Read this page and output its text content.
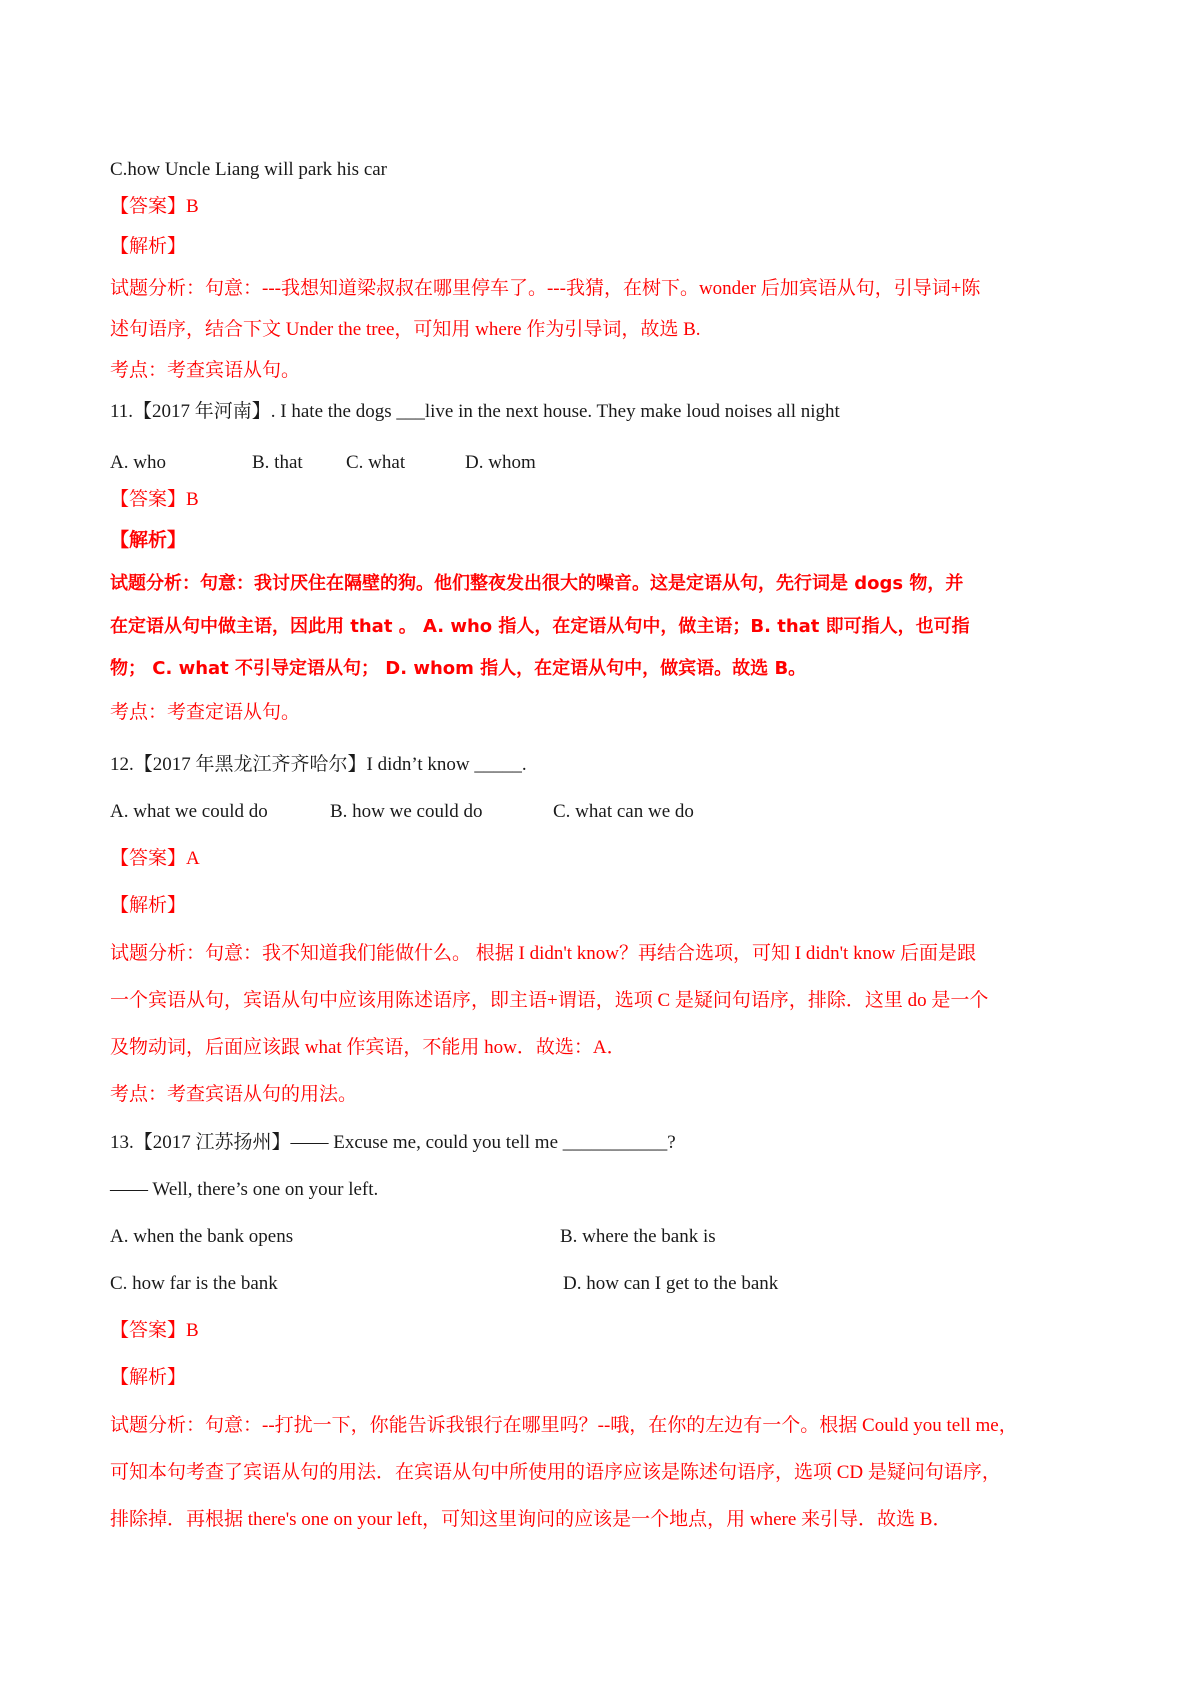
C.how Uncle Liang will park his car
【答案】B
【解析】
试题分析：句意：---我想知道梁叔叔在哪里停车了。---我猜，在树下。wonder 后加宾语从句，引导词+陈
述句语序，结合下文 Under the tree，可知用 where 作为引导词，故选 B.
考点：考查宾语从句。
11.【2017 年河南】. I hate the dogs ___live in the next house. They make loud noises all night
A. who	B. that C. what	D. whom
【答案】B
【解析】
试题分析：句意：我讨厌住在隔壁的狗。他们整夜发出很大的噪音。这是定语从句，先行词是 dogs 物，并
在定语从句中做主语，因此用 that 。 A. who 指人，在定语从句中，做主语；B. that 即可指人，也可指
物； C. what 不引导定语从句； D. whom 指人，在定语从句中，做宾语。故选 B。
考点：考查定语从句。
12.【2017 年黑龙江齐齐哈尔】I didn’t know _____.
A. what we could do	B. how we could do	C. what can we do
【答案】A
【解析】
试题分析：句意：我不知道我们能做什么。 根据 I didn't know？再结合选项，可知 I didn't know 后面是跟
一个宾语从句，宾语从句中应该用陈述语序，即主语+谓语，选项 C 是疑问句语序，排除．这里 do 是一个
及物动词，后面应该跟 what 作宾语，不能用 how．故选：A．
考点：考查宾语从句的用法。
13.【2017 江苏扬州】—— Excuse me, could you tell me ___________?
—— Well, there’s one on your left.
A. when the bank opens	B. where the bank is
C. how far is the bank	D. how can I get to the bank
【答案】B
【解析】
试题分析：句意：--打扰一下，你能告诉我银行在哪里吗？--哦，在你的左边有一个。根据 Could you tell me，
可知本句考查了宾语从句的用法．在宾语从句中所使用的语序应该是陈述句语序，选项 CD 是疑问句语序，
排除掉．再根据 there's one on your left，可知这里询问的应该是一个地点，用 where 来引导．故选 B．
